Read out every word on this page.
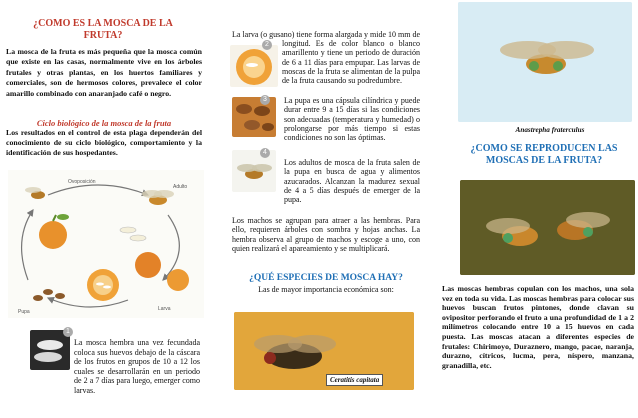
¿COMO ES LA MOSCA DE LA FRUTA?
La mosca de la fruta es más pequeña que la mosca común que existe en las casas, normalmente vive en los árboles frutales y otras plantas, en los huertos familiares y comerciales, son de hermosos colores, prevalece el color amarillo combinado con anaranjado café o negro.
Ciclo biológico de la mosca de la fruta
Los resultados en el control de esta plaga dependerán del conocimiento de su ciclo biológico, comportamiento y la identificación de sus hospedantes.
Ovoposición
Adulto
Larva
Pupa
1
La mosca hembra una vez fecundada coloca sus huevos debajo de la cáscara de los frutos en grupos de 10 a 12 los cuales se desarrollarán en un periodo de 2 a 7 días para luego, emerger como larvas.
2
La larva (o gusano) tiene forma alargada y mide 10 mm de longitud. Es de color blanco o blanco amarillento y tiene un periodo de duración de 6 a 11 días para empupar. Las larvas de moscas de la fruta se alimentan de la pulpa de la fruta causando su podredumbre.
3
4
La pupa es una cápsula cilíndrica y puede durar entre 9 a 15 días si las condiciones son adecuadas (temperatura y humedad) o prolongarse por más tiempo si estas condiciones no son las óptimas.
Los adultos de mosca de la fruta salen de la pupa en busca de agua y alimentos azucarados. Alcanzan la madurez sexual de 4 a 5 días después de emerger de la pupa.
Los machos se agrupan para atraer a las hembras. Para ello, requieren árboles con sombra y hojas anchas. La hembra observa al grupo de machos y escoge a uno, con quien realizará el apareamiento y se multiplicará.
¿QUÉ ESPECIES DE MOSCA HAY?
Las de mayor importancia económica son:
Ceratitis capitata
Anastrepha fraterculus
¿COMO SE REPRODUCEN LAS MOSCAS DE LA FRUTA?
Las moscas hembras copulan con los machos, una sola vez en toda su vida. Las moscas hembras para colocar sus huevos buscan frutos pintones, donde clavan su ovipositor perforando el fruto a una profundidad de 1 a 2 milímetros colocando entre 10 a 15 huevos en cada puesta. Las moscas atacan a diferentes especies de frutales: Chirimoyo, Duraznero, mango, pacae, naranja, durazno, cítricos, lucma, pera, níspero, manzana, granadilla, etc.
